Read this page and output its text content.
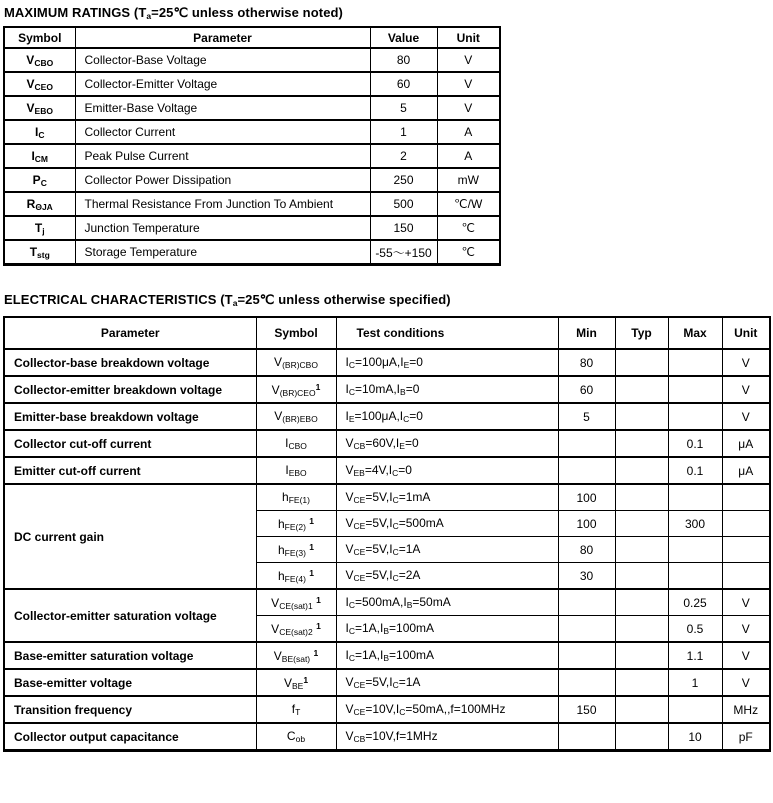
MAXIMUM RATINGS ($T_a=25℃$ unless otherwise noted)
Symbol	Parameter	Value	Unit
$V_{CBO}$	Collector-Base Voltage	80	V
$V_{CEO}$	Collector-Emitter Voltage	60	V
$V_{EBO}$	Emitter-Base Voltage	5	V
$I_C$	Collector Current	1	A
$I_{CM}$	Peak Pulse Current	2	A
$P_C$	Collector Power Dissipation	250	mW
$R_{\Theta JA}$	Thermal Resistance From Junction To Ambient	500	℃/W
$T_j$	Junction Temperature	150	℃
$T_{stg}$	Storage Temperature	-55～+150	℃
ELECTRICAL CHARACTERISTICS ($T_a=25℃$ unless otherwise specified)
Parameter	Symbol	Test conditions	Min	Typ	Max	Unit
Collector-base breakdown voltage	$V_{(BR)CBO}$	$I_C=100\mu A,I_E=0$	80			V
Collector-emitter breakdown voltage	$V_{(BR)CEO}^1$	$I_C=10mA,I_B=0$	60			V
Emitter-base breakdown voltage	$V_{(BR)EBO}$	$I_E=100\mu A,I_C=0$	5			V
Collector cut-off current	$I_{CBO}$	$V_{CB}=60V,I_E=0$			0.1	μA
Emitter cut-off current	$I_{EBO}$	$V_{EB}=4V,I_C=0$			0.1	μA
DC current gain	$h_{FE(1)}$	$V_{CE}=5V,I_C=1mA$	100			
	$h_{FE(2)}$ $^1$	$V_{CE}=5V,I_C=500mA$	100		300	
	$h_{FE(3)}$ $^1$	$V_{CE}=5V,I_C=1A$	80			
	$h_{FE(4)}$ $^1$	$V_{CE}=5V,I_C=2A$	30			
Collector-emitter saturation voltage	$V_{CE(sat)1}$ $^1$	$I_C=500mA,I_B=50mA$			0.25	V
	$V_{CE(sat)2}$ $^1$	$I_C=1A,I_B=100mA$			0.5	V
Base-emitter saturation voltage	$V_{BE(sat)}$ $^1$	$I_C=1A,I_B=100mA$			1.1	V
Base-emitter voltage	$V_{BE}^1$	$V_{CE}=5V,I_C=1A$			1	V
Transition frequency	$f_T$	$V_{CE}=10V,I_C=50mA,,f=100MHz$	150			MHz
Collector output capacitance	$C_{ob}$	$V_{CB}=10V,f=1MHz$			10	pF
